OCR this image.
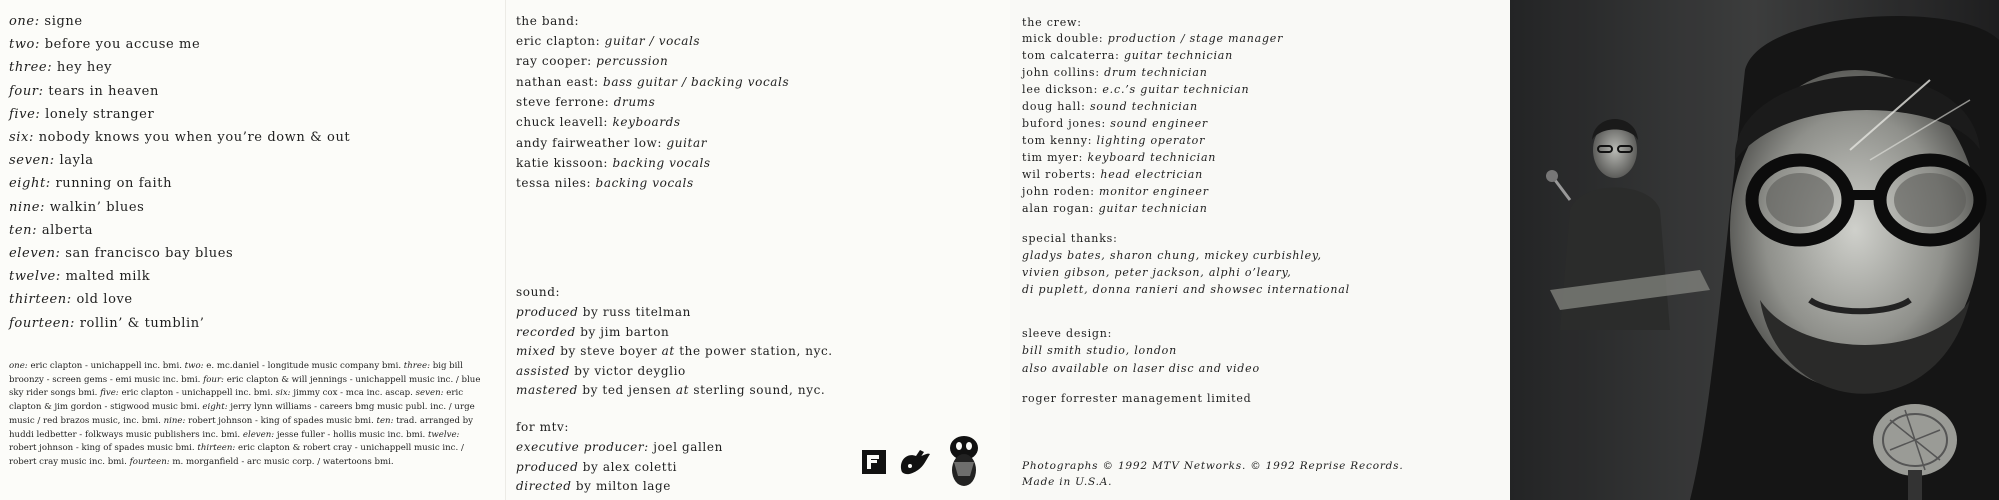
one: signe
two: before you accuse me
three: hey hey
four: tears in heaven
five: lonely stranger
six: nobody knows you when you’re down & out
seven: layla
eight: running on faith
nine: walkin’ blues
ten: alberta
eleven: san francisco bay blues
twelve: malted milk
thirteen: old love
fourteen: rollin’ & tumblin’
one: eric clapton - unichappell inc. bmi. two: e. mc.daniel - longitude music company bmi. three: big bill broonzy - screen gems - emi music inc. bmi. four: eric clapton & will jennings - unichappell music inc. / blue sky rider songs bmi. five: eric clapton - unichappell inc. bmi. six: jimmy cox - mca inc. ascap. seven: eric clapton & jim gordon - stigwood music bmi. eight: jerry lynn williams - careers bmg music publ. inc. / urge music / red brazos music, inc. bmi. nine: robert johnson - king of spades music bmi. ten: trad. arranged by huddi ledbetter - folkways music publishers inc. bmi. eleven: jesse fuller - hollis music inc. bmi. twelve: robert johnson - king of spades music bmi. thirteen: eric clapton & robert cray - unichappell music inc. / robert cray music inc. bmi. fourteen: m. morganfield - arc music corp. / watertoons bmi.
the band:
eric clapton: guitar / vocals
ray cooper: percussion
nathan east: bass guitar / backing vocals
steve ferrone: drums
chuck leavell: keyboards
andy fairweather low: guitar
katie kissoon: backing vocals
tessa niles: backing vocals
sound:
produced by russ titelman
recorded by jim barton
mixed by steve boyer at the power station, nyc.
assisted by victor deyglio
mastered by ted jensen at sterling sound, nyc.
for mtv:
executive producer: joel gallen
produced by alex coletti
directed by milton lage
the crew:
mick double: production / stage manager
tom calcaterra: guitar technician
john collins: drum technician
lee dickson: e.c.’s guitar technician
doug hall: sound technician
buford jones: sound engineer
tom kenny: lighting operator
tim myer: keyboard technician
wil roberts: head electrician
john roden: monitor engineer
alan rogan: guitar technician
special thanks:
gladys bates, sharon chung, mickey curbishley,
vivien gibson, peter jackson, alphi o’leary,
di puplett, donna ranieri and showsec international
sleeve design:
bill smith studio, london
also available on laser disc and video
roger forrester management limited
Photographs © 1992 MTV Networks. © 1992 Reprise Records.
Made in U.S.A.
